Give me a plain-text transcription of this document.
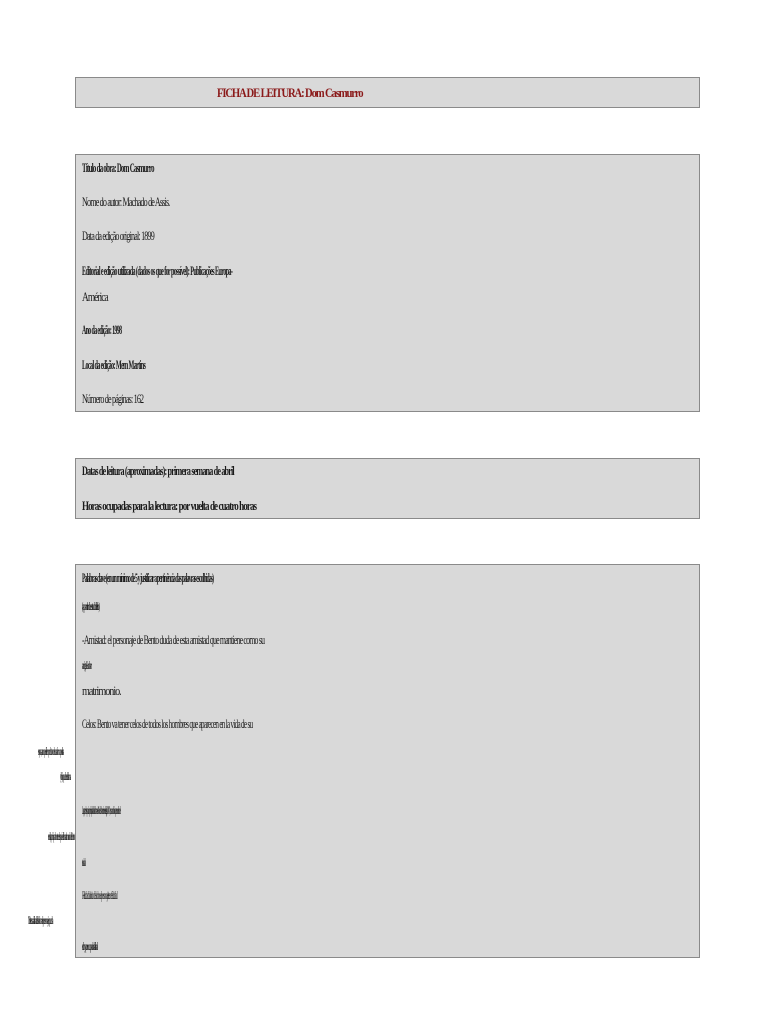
FICHA DE LEITURA: Dom Casmurro
Título da obra: Dom Casmurro
Nome do autor: Machado de Assis.
Data da edição original: 1899
Editorial e edição utilizada (dados os que for possível): Publicações Europa-
América
Ano da edição: 1998
Local da edição: Mem Martins
Número de páginas: 162
Datas de leitura (aproximadas): primera semana de abril
Horas ocupadas para la lectura: por vuelta de cuatro horas
Palabras clave (en un mínimo de 5 y justificar a pertinência das palavras escolhidas)
(a partir de estudo feito)
-Amistad: el personaje de Bento duda de esta amistad que mantiene como su
amigo Escobar
matrimonio.
Celos: Bento va tener celos de todos los hombres que aparecen en la vida de su
esposa, aunque él siempre la tuvo de una forma positiva
y hijo que fue el alma
Lugar: el espacio principal de la obra es Rio de Janeiro en el siglo XIX, en cambio que medio de
en ella, principalmente después del matrimonio de Bento
esta ciudad
Felicidad: al inicio de la obra el personaje tiene felicidad
Tristeza: al final de la obra el personaje queda
solo y preocupado al final
